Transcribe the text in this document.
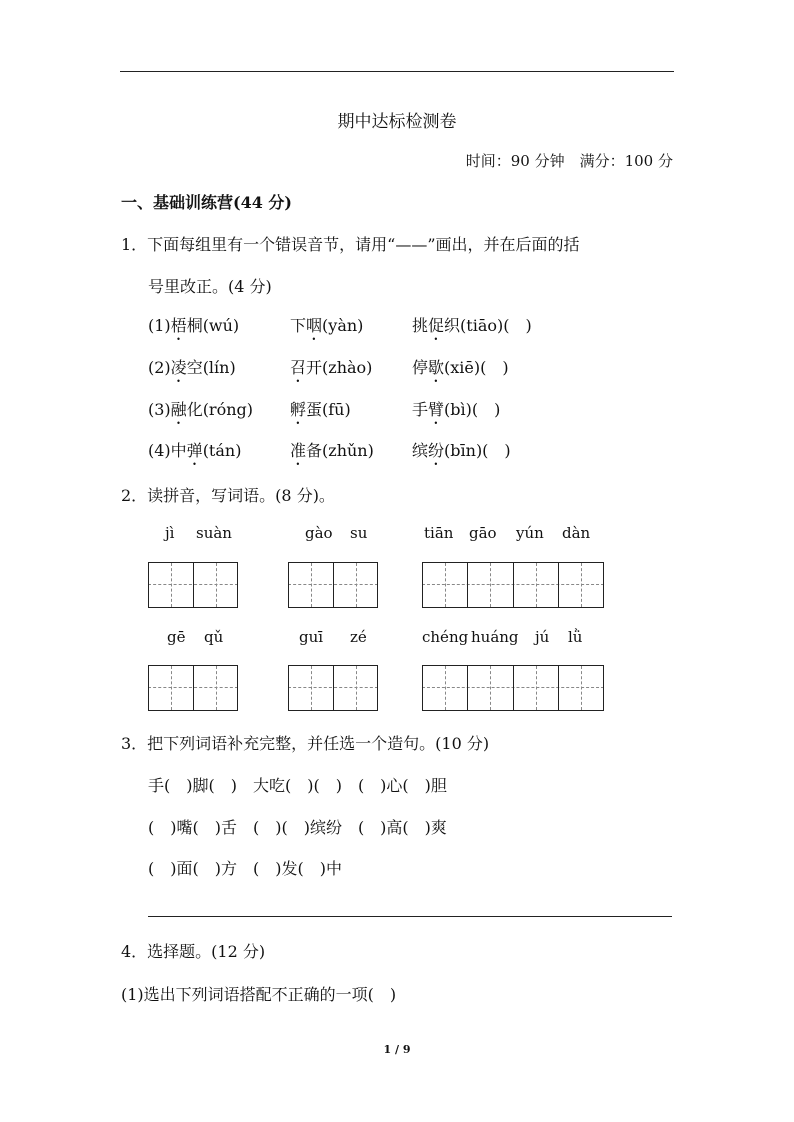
期中达标检测卷
时间：90 分钟　满分：100 分
一、基础训练营(44 分)
1．下面每组里有一个错误音节，请用“——”画出，并在后面的括
号里改正。(4 分)
(1)梧桐(wú)	下咽(yàn)	挑促织(tiāo)(　)
(2)凌空(lín)	召开(zhào) 停歇(xiē)(　)
(3)融化(róng) 孵蛋(fū)	手臂(bì)(　)
(4)中弹(tán)	准备(zhǔn) 缤纷(bīn)(　)
2．读拼音，写词语。(8 分)。
jì suàn	gào su	tiān gāo yún dàn
gē qǔ	guī zé	chéng huáng jú lǜ
3．把下列词语补充完整，并任选一个造句。(10 分)
手(　)脚(　)　大吃(　)(　)　(　)心(　)胆
(　)嘴(　)舌　(　)(　)缤纷　(　)高(　)爽
(　)面(　)方　(　)发(　)中
4．选择题。(12 分)
(1)选出下列词语搭配不正确的一项(　)
1 / 9
